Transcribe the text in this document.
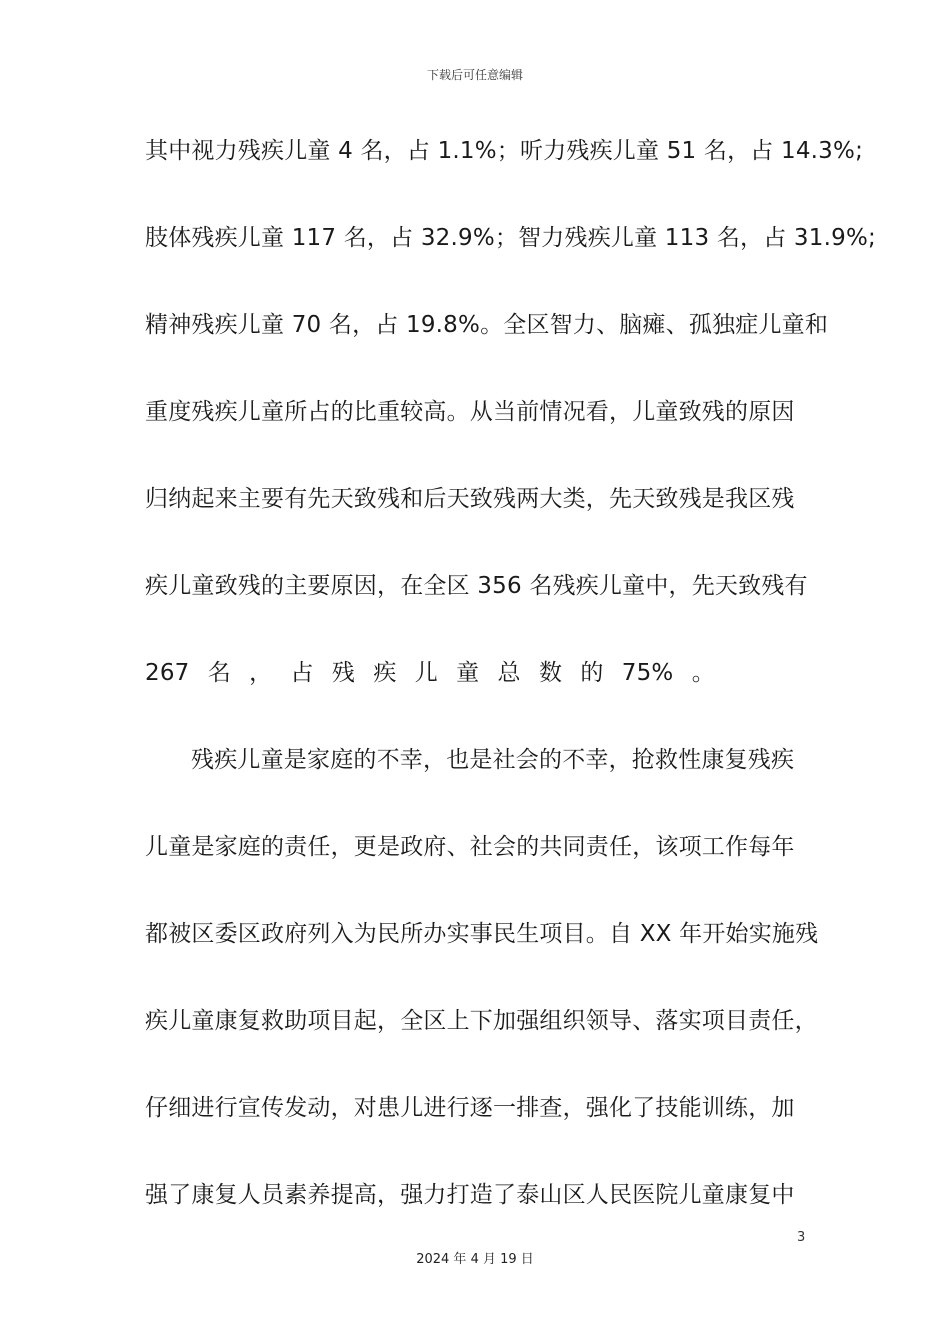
下载后可任意编辑
其中视力残疾儿童 4 名，占 1.1%；听力残疾儿童 51 名，占 14.3%;
肢体残疾儿童 117 名，占 32.9%；智力残疾儿童 113 名，占 31.9%;
精神残疾儿童 70 名，占 19.8%。全区智力、脑瘫、孤独症儿童和
重度残疾儿童所占的比重较高。从当前情况看，儿童致残的原因
归纳起来主要有先天致残和后天致残两大类，先天致残是我区残
疾儿童致残的主要原因，在全区 356 名残疾儿童中，先天致残有
267 名 ， 占 残 疾 儿 童 总 数 的 75% 。
残疾儿童是家庭的不幸，也是社会的不幸，抢救性康复残疾
儿童是家庭的责任，更是政府、社会的共同责任，该项工作每年
都被区委区政府列入为民所办实事民生项目。自 XX 年开始实施残
疾儿童康复救助项目起，全区上下加强组织领导、落实项目责任，
仔细进行宣传发动，对患儿进行逐一排查，强化了技能训练，加
强了康复人员素养提高，强力打造了泰山区人民医院儿童康复中
3
2024 年 4 月 19 日
